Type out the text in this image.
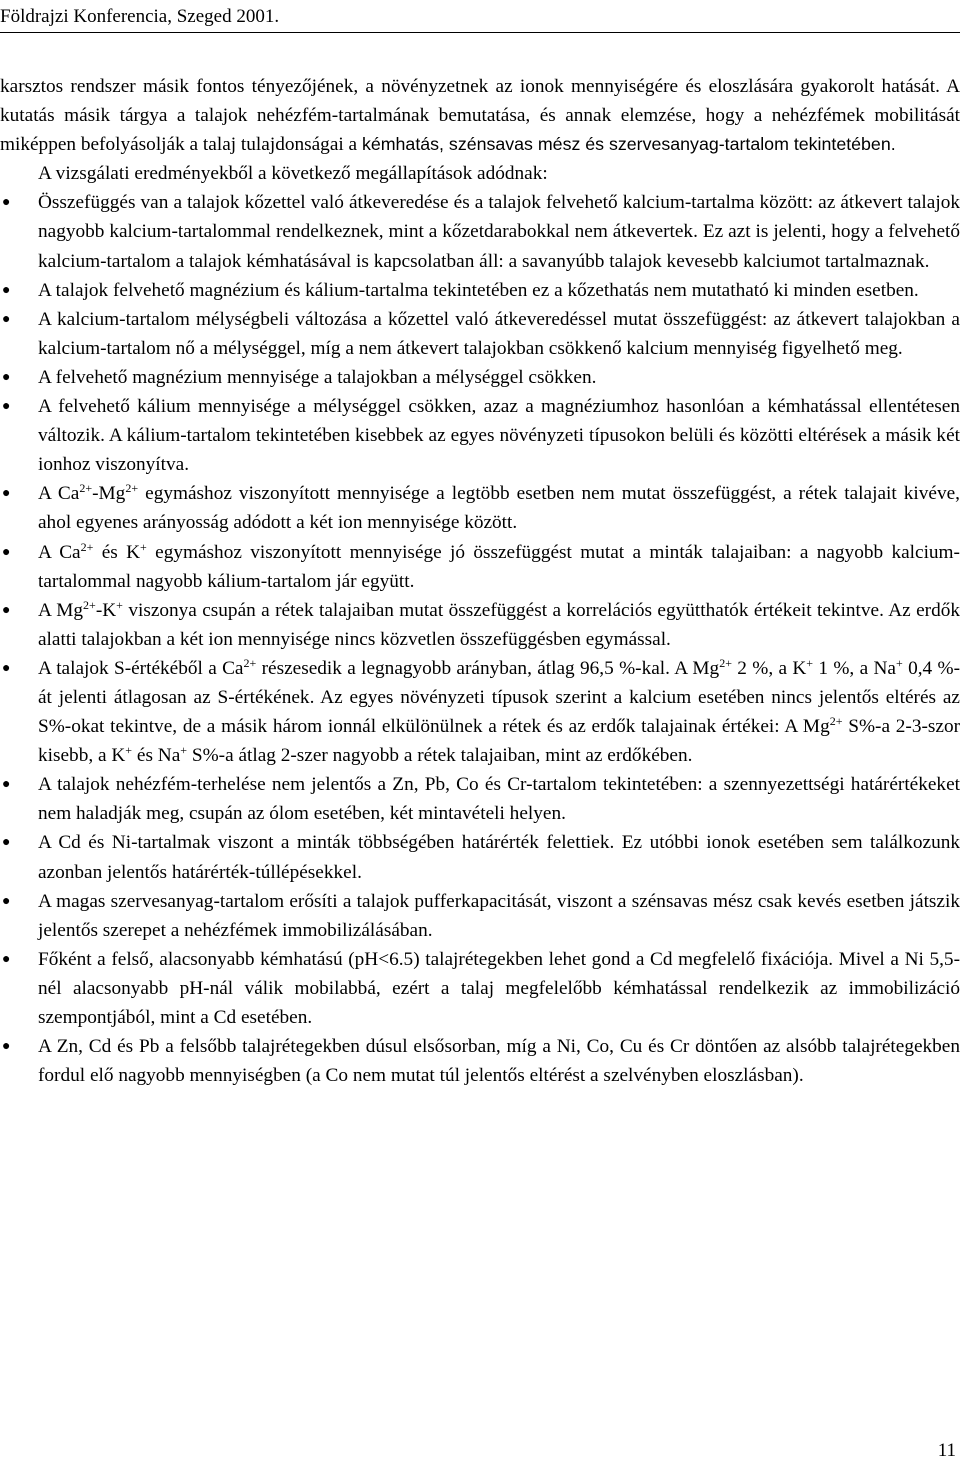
Földrajzi Konferencia, Szeged 2001.

karsztos rendszer másik fontos tényezőjének, a növényzetnek az ionok mennyiségére és eloszlására gyakorolt hatását. A kutatás másik tárgya a talajok nehézfém-tartalmának bemutatása, és annak elemzése, hogy a nehézfémek mobilitását miképpen befolyásolják a talaj tulajdonságai a kémhatás, szénsavas mész és szervesanyag-tartalom tekintetében.

A vizsgálati eredményekből a következő megállapítások adódnak:

● Összefüggés van a talajok kőzettel való átkeveredése és a talajok felvehető kalcium-tartalma között: az átkevert talajok nagyobb kalcium-tartalommal rendelkeznek, mint a kőzetdarabokkal nem átkevertek. Ez azt is jelenti, hogy a felvehető kalcium-tartalom a talajok kémhatásával is kapcsolatban áll: a savanyúbb talajok kevesebb kalciumot tartalmaznak.
● A talajok felvehető magnézium és kálium-tartalma tekintetében ez a kőzethatás nem mutatható ki minden esetben.
● A kalcium-tartalom mélységbeli változása a kőzettel való átkeveredéssel mutat összefüggést: az átkevert talajokban a kalcium-tartalom nő a mélységgel, míg a nem átkevert talajokban csökkenő kalcium mennyiség figyelhető meg.
● A felvehető magnézium mennyisége a talajokban a mélységgel csökken.
● A felvehető kálium mennyisége a mélységgel csökken, azaz a magnéziumhoz hasonlóan a kémhatással ellentétesen változik. A kálium-tartalom tekintetében kisebbek az egyes növényzeti típusokon belüli és közötti eltérések a másik két ionhoz viszonyítva.
● A $Ca^{2+}-Mg^{2+}$ egymáshoz viszonyított mennyisége a legtöbb esetben nem mutat összefüggést, a rétek talajait kivéve, ahol egyenes arányosság adódott a két ion mennyisége között.
● A $Ca^{2+}$ és K+ egymáshoz viszonyított mennyisége jó összefüggést mutat a minták talajaiban: a nagyobb kalcium-tartalommal nagyobb kálium-tartalom jár együtt.
● A $Mg^{2+}-K^+$ viszonya csupán a rétek talajaiban mutat összefüggést a korrelációs együtthatók értékeit tekintve. Az erdők alatti talajokban a két ion mennyisége nincs közvetlen összefüggésben egymással.
● A talajok S-értékéből a $Ca^{2+}$ részesedik a legnagyobb arányban, átlag 96,5 %-kal. A $Mg^{2+}$ 2 %, a K+ 1 %, a Na+ 0,4 %-át jelenti átlagosan az S-értékének. Az egyes növényzeti típusok szerint a kalcium esetében nincs jelentős eltérés az S%-okat tekintve, de a másik három ionnál elkülönülnek a rétek és az erdők talajainak értékei: A $Mg^{2+}$ S%-a 2-3-szor kisebb, a K+ és Na+ S%-a átlag 2-szer nagyobb a rétek talajaiban, mint az erdőkében.
● A talajok nehézfém-terhelése nem jelentős a Zn, Pb, Co és Cr-tartalom tekintetében: a szennyezettségi határértékeket nem haladják meg, csupán az ólom esetében, két mintavételi helyen.
● A Cd és Ni-tartalmak viszont a minták többségében határérték felettiek. Ez utóbbi ionok esetében sem találkozunk azonban jelentős határérték-túllépésekkel.
● A magas szervesanyag-tartalom erősíti a talajok pufferkapacitását, viszont a szénsavas mész csak kevés esetben játszik jelentős szerepet a nehézfémek immobilizálásában.
● Főként a felső, alacsonyabb kémhatású (pH<6.5) talajrétegekben lehet gond a Cd megfelelő fixációja. Mivel a Ni 5,5-nél alacsonyabb pH-nál válik mobilabbá, ezért a talaj megfelelőbb kémhatással rendelkezik az immobilizáció szempontjából, mint a Cd esetében.
● A Zn, Cd és Pb a felsőbb talajrétegekben dúsul elsősorban, míg a Ni, Co, Cu és Cr döntően az alsóbb talajrétegekben fordul elő nagyobb mennyiségben (a Co nem mutat túl jelentős eltérést a szelvényben eloszlásban).
11
